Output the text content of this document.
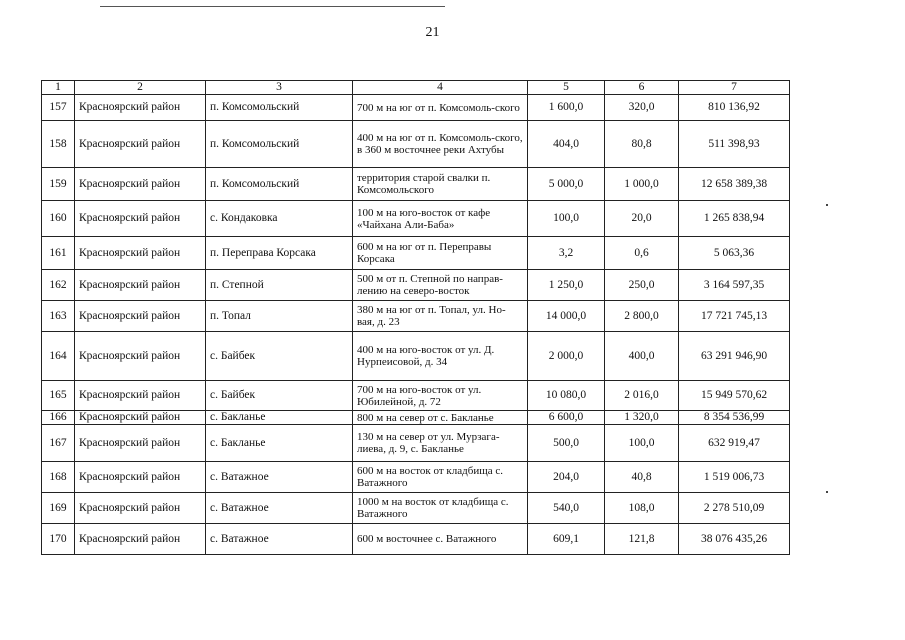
21
1	2	3	4	5	6	7
157	Красноярский район	п. Комсомольский	700 м на юг от п. Комсомоль-ского	1 600,0	320,0	810 136,92
158	Красноярский район	п. Комсомольский	400 м на юг от п. Комсомоль-ского, в 360 м восточнее реки Ахтубы	404,0	80,8	511 398,93
159	Красноярский район	п. Комсомольский	территория старой свалки п. Комсомольского	5 000,0	1 000,0	12 658 389,38
160	Красноярский район	с. Кондаковка	100 м на юго-восток от кафе «Чайхана Али-Баба»	100,0	20,0	1 265 838,94
161	Красноярский район	п. Переправа Корсака	600 м на юг от п. Переправы Корсака	3,2	0,6	5 063,36
162	Красноярский район	п. Степной	500 м от п. Степной по направ-лению на северо-восток	1 250,0	250,0	3 164 597,35
163	Красноярский район	п. Топал	380 м на юг от п. Топал, ул. Но-вая, д. 23	14 000,0	2 800,0	17 721 745,13
164	Красноярский район	с. Байбек	400 м на юго-восток от ул. Д. Нурпеисовой, д. 34	2 000,0	400,0	63 291 946,90
165	Красноярский район	с. Байбек	700 м на юго-восток от ул. Юбилейной, д. 72	10 080,0	2 016,0	15 949 570,62
166	Красноярский район	с. Бакланье	800 м на север от с. Бакланье	6 600,0	1 320,0	8 354 536,99
167	Красноярский район	с. Бакланье	130 м на север от ул. Мурзага-лиева, д. 9, с. Бакланье	500,0	100,0	632 919,47
168	Красноярский район	с. Ватажное	600 м на восток от кладбища с. Ватажного	204,0	40,8	1 519 006,73
169	Красноярский район	с. Ватажное	1000 м на восток от кладбища с. Ватажного	540,0	108,0	2 278 510,09
170	Красноярский район	с. Ватажное	600 м восточнее с. Ватажного	609,1	121,8	38 076 435,26
